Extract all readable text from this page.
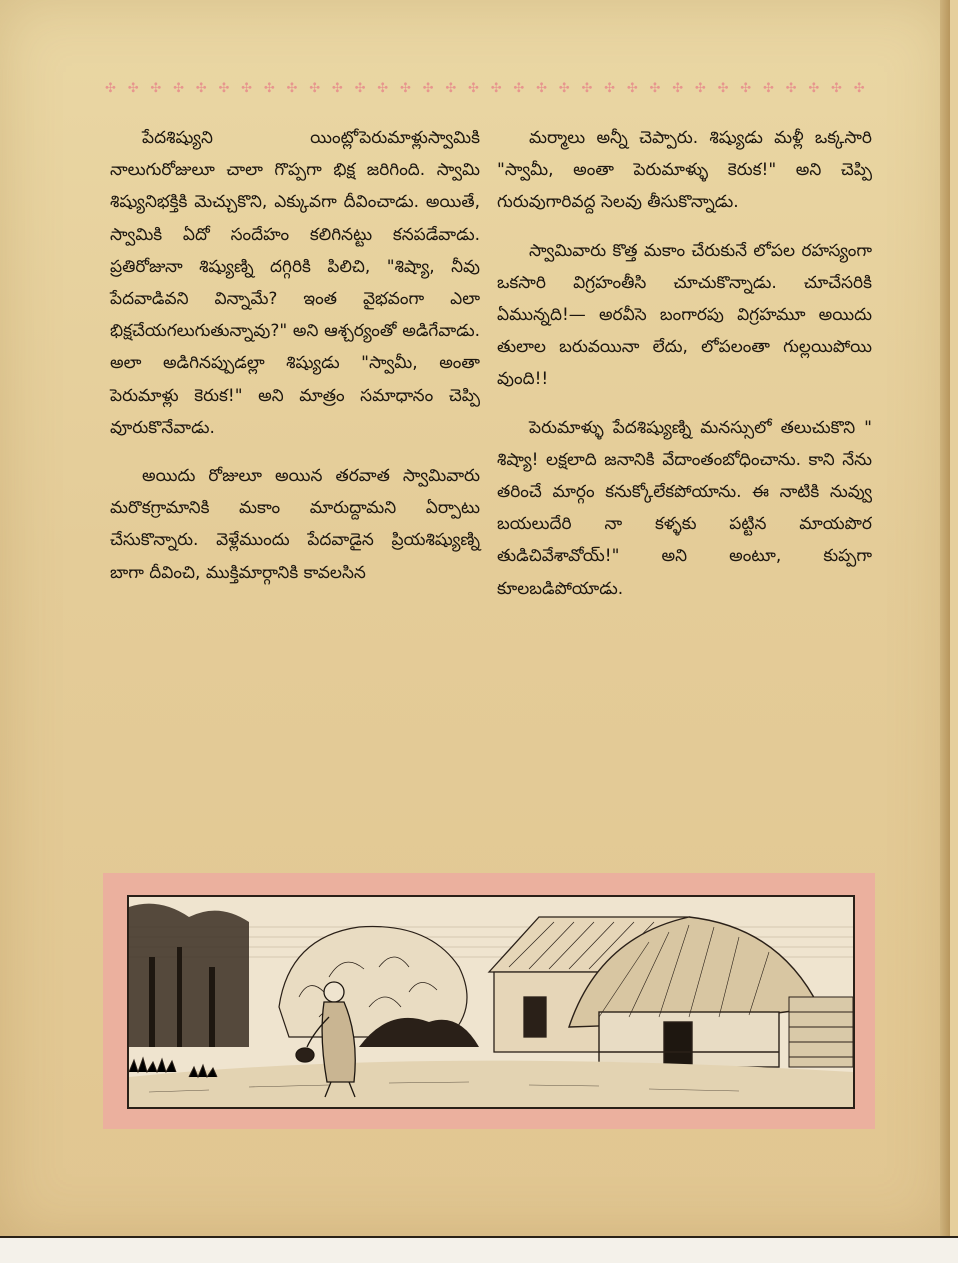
✣ ✣ ✣ ✣ ✣ ✣ ✣ ✣ ✣ ✣ ✣ ✣ ✣ ✣ ✣ ✣ ✣ ✣ ✣ ✣ ✣ ✣ ✣ ✣ ✣ ✣ ✣ ✣ ✣ ✣ ✣ ✣ ✣ ✣

పేదశిష్యుని యింట్లోపెరుమాళ్లుస్వామికి నాలుగురోజులూ చాలా గొప్పగా భిక్ష జరిగింది. స్వామి శిష్యునిభక్తికి మెచ్చుకొని, ఎక్కువగా దీవించాడు. అయితే, స్వామికి ఏదో సందేహం కలిగినట్టు కనపడేవాడు. ప్రతిరోజునా శిష్యుణ్ని దగ్గిరికి పిలిచి, "శిష్యా, నీవు పేదవాడివని విన్నామే? ఇంత వైభవంగా ఎలా భిక్షచేయగలుగుతున్నావు?" అని ఆశ్చర్యంతో అడిగేవాడు. అలా అడిగినప్పుడల్లా శిష్యుడు "స్వామీ, అంతా పెరుమాళ్లు కెరుక!" అని మాత్రం సమాధానం చెప్పి వూరుకొనేవాడు.

అయిదు రోజులూ అయిన తరవాత స్వామివారు మరొకగ్రామానికి మకాం మారుద్దామని ఏర్పాటు చేసుకొన్నారు. వెళ్లేముందు పేదవాడైన ప్రియశిష్యుణ్ని బాగా దీవించి, ముక్తిమార్గానికి కావలసిన

మర్మాలు అన్నీ చెప్పారు. శిష్యుడు మళ్లీ ఒక్కసారి "స్వామీ, అంతా పెరుమాళ్ళు కెరుక!" అని చెప్పి గురువుగారివద్ద సెలవు తీసుకొన్నాడు.

స్వామివారు కొత్త మకాం చేరుకునే లోపల రహస్యంగా ఒకసారి విగ్రహంతీసి చూచుకొన్నాడు. చూచేసరికి ఏమున్నది!— అరవీసె బంగారపు విగ్రహమూ అయిదు తులాల బరువయినా లేదు, లోపలంతా గుల్లయిపోయి వుంది!!

పెరుమాళ్ళు పేదశిష్యుణ్ని మనస్సులో తలుచుకొని " శిష్యా! లక్షలాది జనానికి వేదాంతంబోధించాను. కాని నేను తరించే మార్గం కనుక్కోలేకపోయాను. ఈ నాటికి నువ్వు బయలుదేరి నా కళ్ళకు పట్టిన మాయపొర తుడిచివేశావోయ్!" అని అంటూ, కుప్పగా కూలబడిపోయాడు.
